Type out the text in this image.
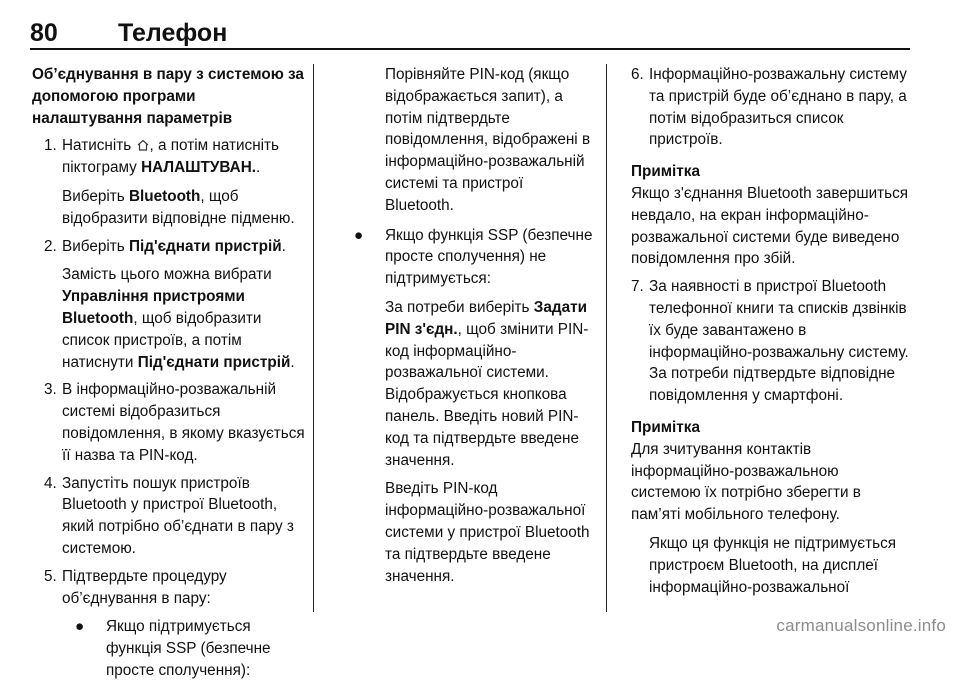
80 Телефон
Об’єднування в пару з системою за допомогою програми налаштування параметрів
1. Натисніть , а потім натисніть піктограму НАЛАШТУВАН..
Виберіть Bluetooth, щоб відобразити відповідне підменю.
2. Виберіть Під'єднати пристрій.
Замість цього можна вибрати Управління пристроями Bluetooth, щоб відобразити список пристроїв, а потім натиснути Під'єднати пристрій.
3. В інформаційно-розважальній системі відобразиться повідомлення, в якому вказується її назва та PIN-код.
4. Запустіть пошук пристроїв Bluetooth у пристрої Bluetooth, який потрібно об’єднати в пару з системою.
5. Підтвердьте процедуру об’єднування в пару:
● Якщо підтримується функція SSP (безпечне просте сполучення):
Порівняйте PIN-код (якщо відображається запит), а потім підтвердьте повідомлення, відображені в інформаційно-розважальній системі та пристрої Bluetooth.
● Якщо функція SSP (безпечне просте сполучення) не підтримується:
За потреби виберіть Задати PIN з'єдн., щоб змінити PIN-код інформаційно-розважальної системи. Відображується кнопкова панель. Введіть новий PIN-код та підтвердьте введене значення.
Введіть PIN-код інформаційно-розважальної системи у пристрої Bluetooth та підтвердьте введене значення.
6. Інформаційно-розважальну систему та пристрій буде об’єднано в пару, а потім відобразиться список пристроїв.
Примітка
Якщо з'єднання Bluetooth завершиться невдало, на екран інформаційно-розважальної системи буде виведено повідомлення про збій.
7. За наявності в пристрої Bluetooth телефонної книги та списків дзвінків їх буде завантажено в інформаційно-розважальну систему. За потреби підтвердьте відповідне повідомлення у смартфоні.
Примітка
Для зчитування контактів інформаційно-розважальною системою їх потрібно зберегти в пам’яті мобільного телефону.
Якщо ця функція не підтримується пристроєм Bluetooth, на дисплеї інформаційно-розважальної
carmanualsonline.info
